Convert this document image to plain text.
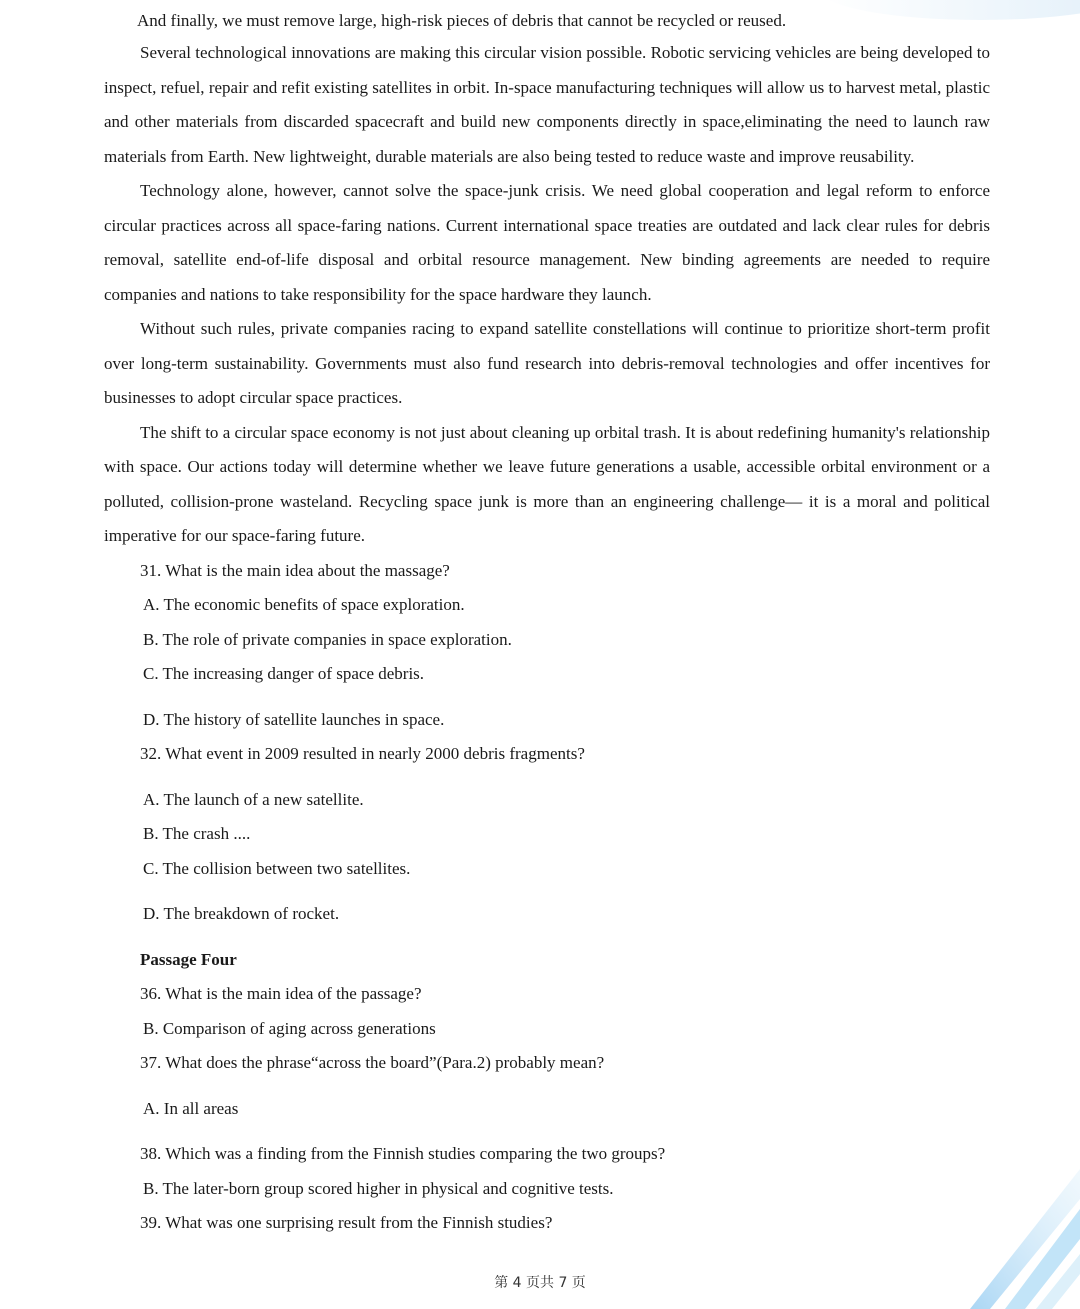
And finally, we must remove large, high-risk pieces of debris that cannot be recycled or reused.

Several technological innovations are making this circular vision possible. Robotic servicing vehicles are being developed to inspect, refuel, repair and refit existing satellites in orbit. In-space manufacturing techniques will allow us to harvest metal, plastic and other materials from discarded spacecraft and build new components directly in space,eliminating the need to launch raw materials from Earth. New lightweight, durable materials are also being tested to reduce waste and improve reusability.

Technology alone, however, cannot solve the space-junk crisis. We need global cooperation and legal reform to enforce circular practices across all space-faring nations. Current international space treaties are outdated and lack clear rules for debris removal, satellite end-of-life disposal and orbital resource management. New binding agreements are needed to require companies and nations to take responsibility for the space hardware they launch.

Without such rules, private companies racing to expand satellite constellations will continue to prioritize short-term profit over long-term sustainability. Governments must also fund research into debris-removal technologies and offer incentives for businesses to adopt circular space practices.

The shift to a circular space economy is not just about cleaning up orbital trash. It is about redefining humanity's relationship with space. Our actions today will determine whether we leave future generations a usable, accessible orbital environment or a polluted, collision-prone wasteland. Recycling space junk is more than an engineering challenge— it is a moral and political imperative for our space-faring future.

31. What is the main idea about the massage?

A. The economic benefits of space exploration.

B. The role of private companies in space exploration.

C. The increasing danger of space debris.

D. The history of satellite launches in space.

32. What event in 2009 resulted in nearly 2000 debris fragments?

A. The launch of a new satellite.

B. The crash ....

C. The collision between two satellites.

D. The breakdown of rocket.

Passage Four

36. What is the main idea of the passage?

B. Comparison of aging across generations

37. What does the phrase“across the board”(Para.2) probably mean?

A. In all areas

38. Which was a finding from the Finnish studies comparing the two groups?

B. The later-born group scored higher in physical and cognitive tests.

39. What was one surprising result from the Finnish studies?

第 4 页共 7 页
